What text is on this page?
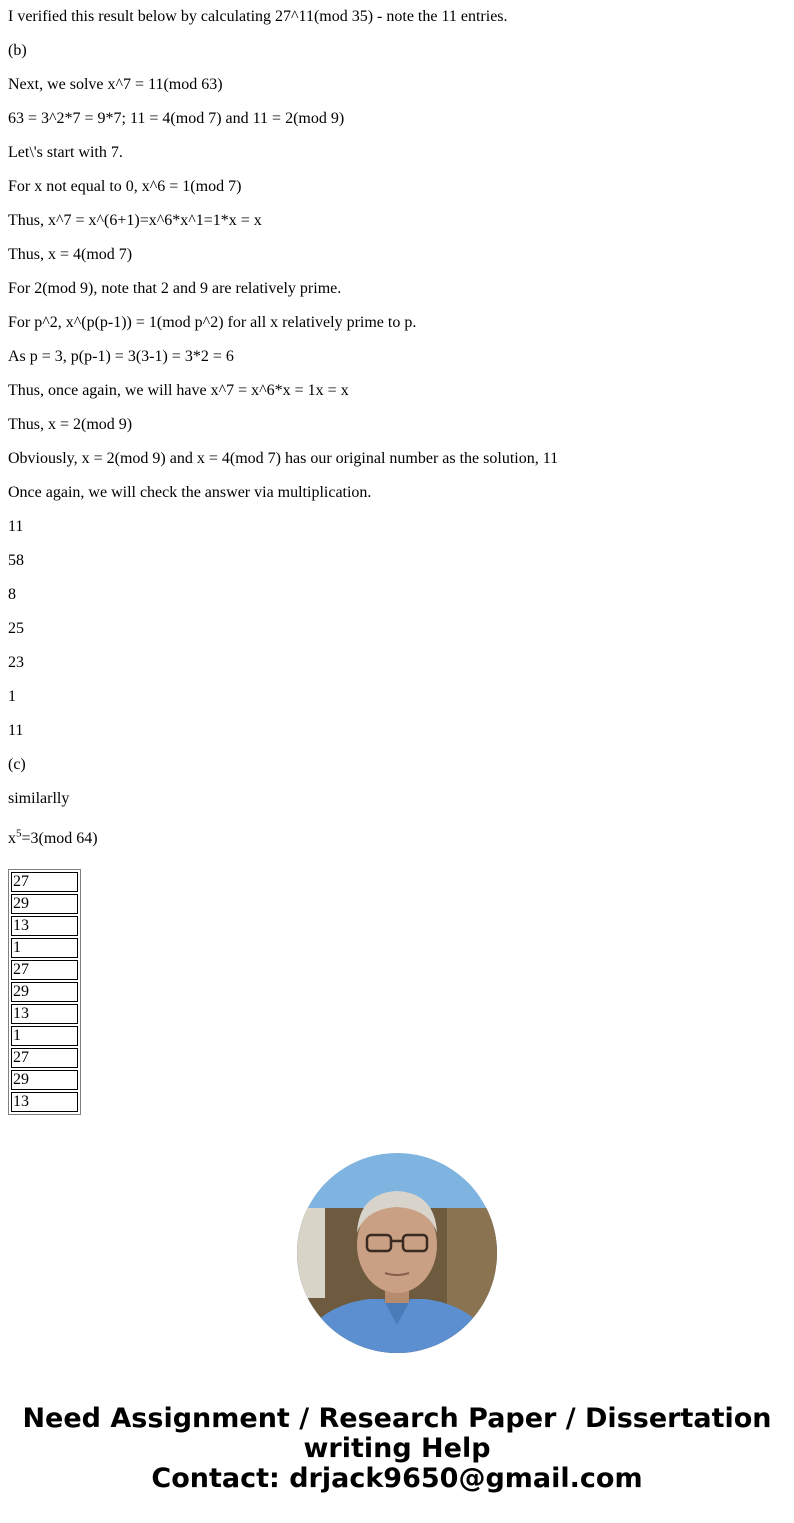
I verified this result below by calculating 27^11(mod 35) - note the 11 entries.

(b)

Next, we solve x^7 = 11(mod 63)

63 = 3^2*7 = 9*7; 11 = 4(mod 7) and 11 = 2(mod 9)

Let\'s start with 7.

For x not equal to 0, x^6 = 1(mod 7)

Thus, x^7 = x^(6+1)=x^6*x^1=1*x = x

Thus, x = 4(mod 7)

For 2(mod 9), note that 2 and 9 are relatively prime.

For p^2, x^(p(p-1)) = 1(mod p^2) for all x relatively prime to p.

As p = 3, p(p-1) = 3(3-1) = 3*2 = 6

Thus, once again, we will have x^7 = x^6*x = 1x = x

Thus, x = 2(mod 9)

Obviously, x = 2(mod 9) and x = 4(mod 7) has our original number as the solution, 11

Once again, we will check the answer via multiplication.

11

58

8

25

23

1

11

(c)

similarlly

$x^5=3(mod$ 64)

27
29
13
1
27
29
13
1
27
29
13
Need Assignment / Research Paper / Dissertation
writing Help
Contact: drjack9650@gmail.com
